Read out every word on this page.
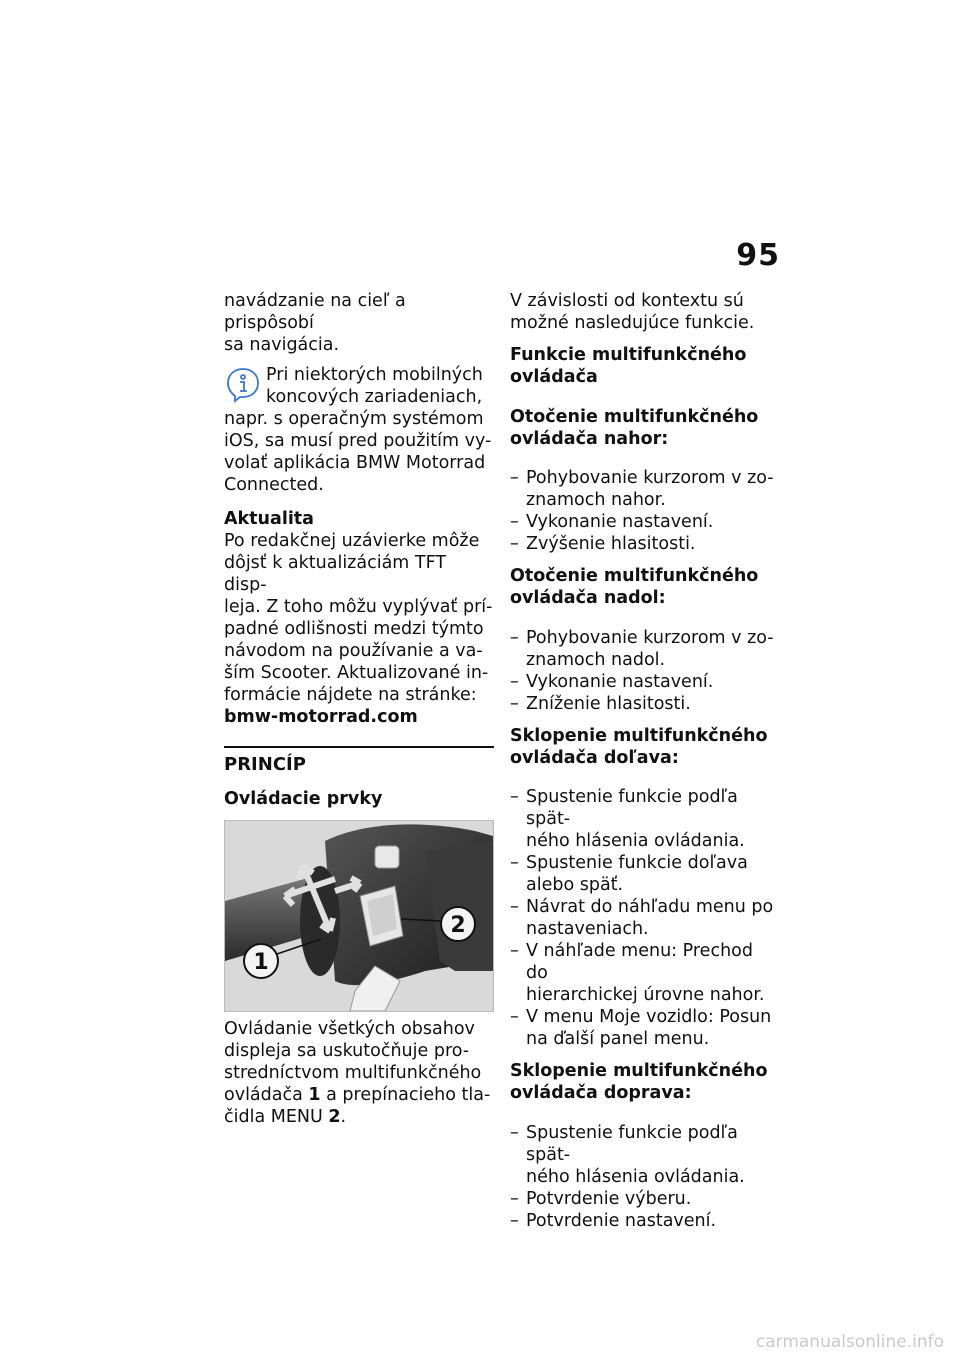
95

navádzanie na cieľ a prispôsobí
sa navigácia.

Pri niektorých mobilných
koncových zariadeniach,

napr. s operačným systémom
iOS, sa musí pred použitím vy-
volať aplikácia BMW Motorrad
Connected.

Aktualita

Po redakčnej uzávierke môže
dôjsť k aktualizáciám TFT disp-
leja. Z toho môžu vyplývať prí-
padné odlišnosti medzi týmto
návodom na používanie a va-
ším Scooter. Aktualizované in-
formácie nájdete na stránke:

bmw-motorrad.com

PRINCÍP

Ovládacie prvky

1
2

Ovládanie všetkých obsahov
displeja sa uskutočňuje pro-
stredníctvom multifunkčného
ovládača 1 a prepínacieho tla-
čidla MENU 2.

V závislosti od kontextu sú
možné nasledujúce funkcie.

Funkcie multifunkčného
ovládača

Otočenie multifunkčného
ovládača nahor:

– Pohybovanie kurzorom v zo-
znamoch nahor.
– Vykonanie nastavení.
– Zvýšenie hlasitosti.

Otočenie multifunkčného
ovládača nadol:

– Pohybovanie kurzorom v zo-
znamoch nadol.
– Vykonanie nastavení.
– Zníženie hlasitosti.

Sklopenie multifunkčného
ovládača doľava:

– Spustenie funkcie podľa spät-
ného hlásenia ovládania.
– Spustenie funkcie doľava
alebo späť.
– Návrat do náhľadu menu po
nastaveniach.
– V náhľade menu: Prechod do
hierarchickej úrovne nahor.
– V menu Moje vozidlo: Posun
na ďalší panel menu.

Sklopenie multifunkčného
ovládača doprava:

– Spustenie funkcie podľa spät-
ného hlásenia ovládania.
– Potvrdenie výberu.
– Potvrdenie nastavení.
carmanualsonline.info
